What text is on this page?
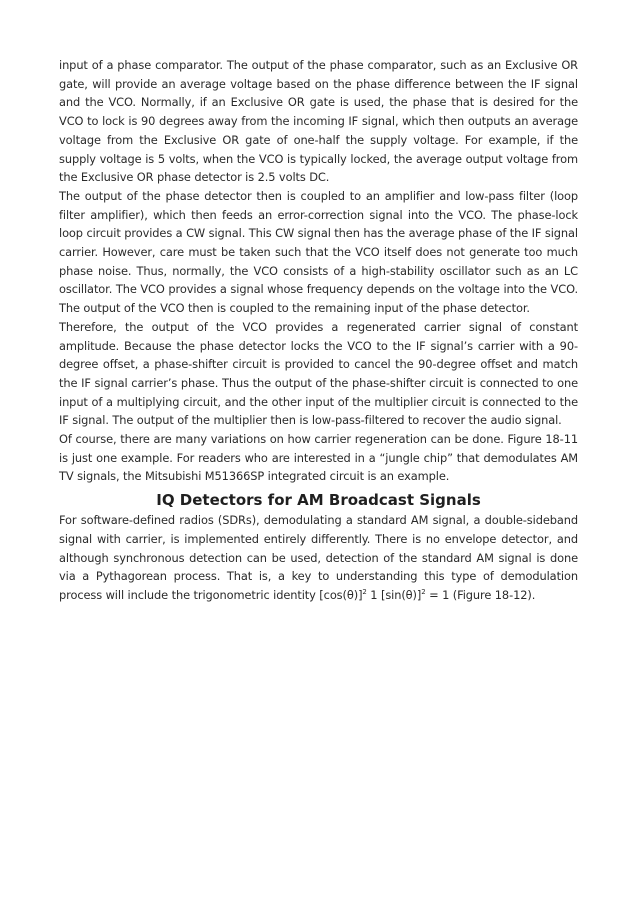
input of a phase comparator. The output of the phase comparator, such as an Exclusive OR gate, will provide an average voltage based on the phase difference between the IF signal and the VCO. Normally, if an Exclusive OR gate is used, the phase that is desired for the VCO to lock is 90 degrees away from the incoming IF signal, which then outputs an average voltage from the Exclusive OR gate of one-half the supply voltage. For example, if the supply voltage is 5 volts, when the VCO is typically locked, the average output voltage from the Exclusive OR phase detector is 2.5 volts DC.

The output of the phase detector then is coupled to an amplifier and low-pass filter (loop filter amplifier), which then feeds an error-correction signal into the VCO. The phase-lock loop circuit provides a CW signal. This CW signal then has the average phase of the IF signal carrier. However, care must be taken such that the VCO itself does not generate too much phase noise. Thus, normally, the VCO consists of a high-stability oscillator such as an LC oscillator. The VCO provides a signal whose frequency depends on the voltage into the VCO. The output of the VCO then is coupled to the remaining input of the phase detector.

Therefore, the output of the VCO provides a regenerated carrier signal of constant amplitude. Because the phase detector locks the VCO to the IF signal’s carrier with a 90-degree offset, a phase-shifter circuit is provided to cancel the 90-degree offset and match the IF signal carrier’s phase. Thus the output of the phase-shifter circuit is connected to one input of a multiplying circuit, and the other input of the multiplier circuit is connected to the IF signal. The output of the multiplier then is low-pass-filtered to recover the audio signal.

Of course, there are many variations on how carrier regeneration can be done. Figure 18-11 is just one example. For readers who are interested in a “jungle chip” that demodulates AM TV signals, the Mitsubishi M51366SP integrated circuit is an example.

IQ Detectors for AM Broadcast Signals

For software-defined radios (SDRs), demodulating a standard AM signal, a double-sideband signal with carrier, is implemented entirely differently. There is no envelope detector, and although synchronous detection can be used, detection of the standard AM signal is done via a Pythagorean process. That is, a key to understanding this type of demodulation process will include the trigonometric identity $[\cos(\theta)]^2$ 1 $[\sin(\theta)]^2 = 1$ (Figure 18-12).
